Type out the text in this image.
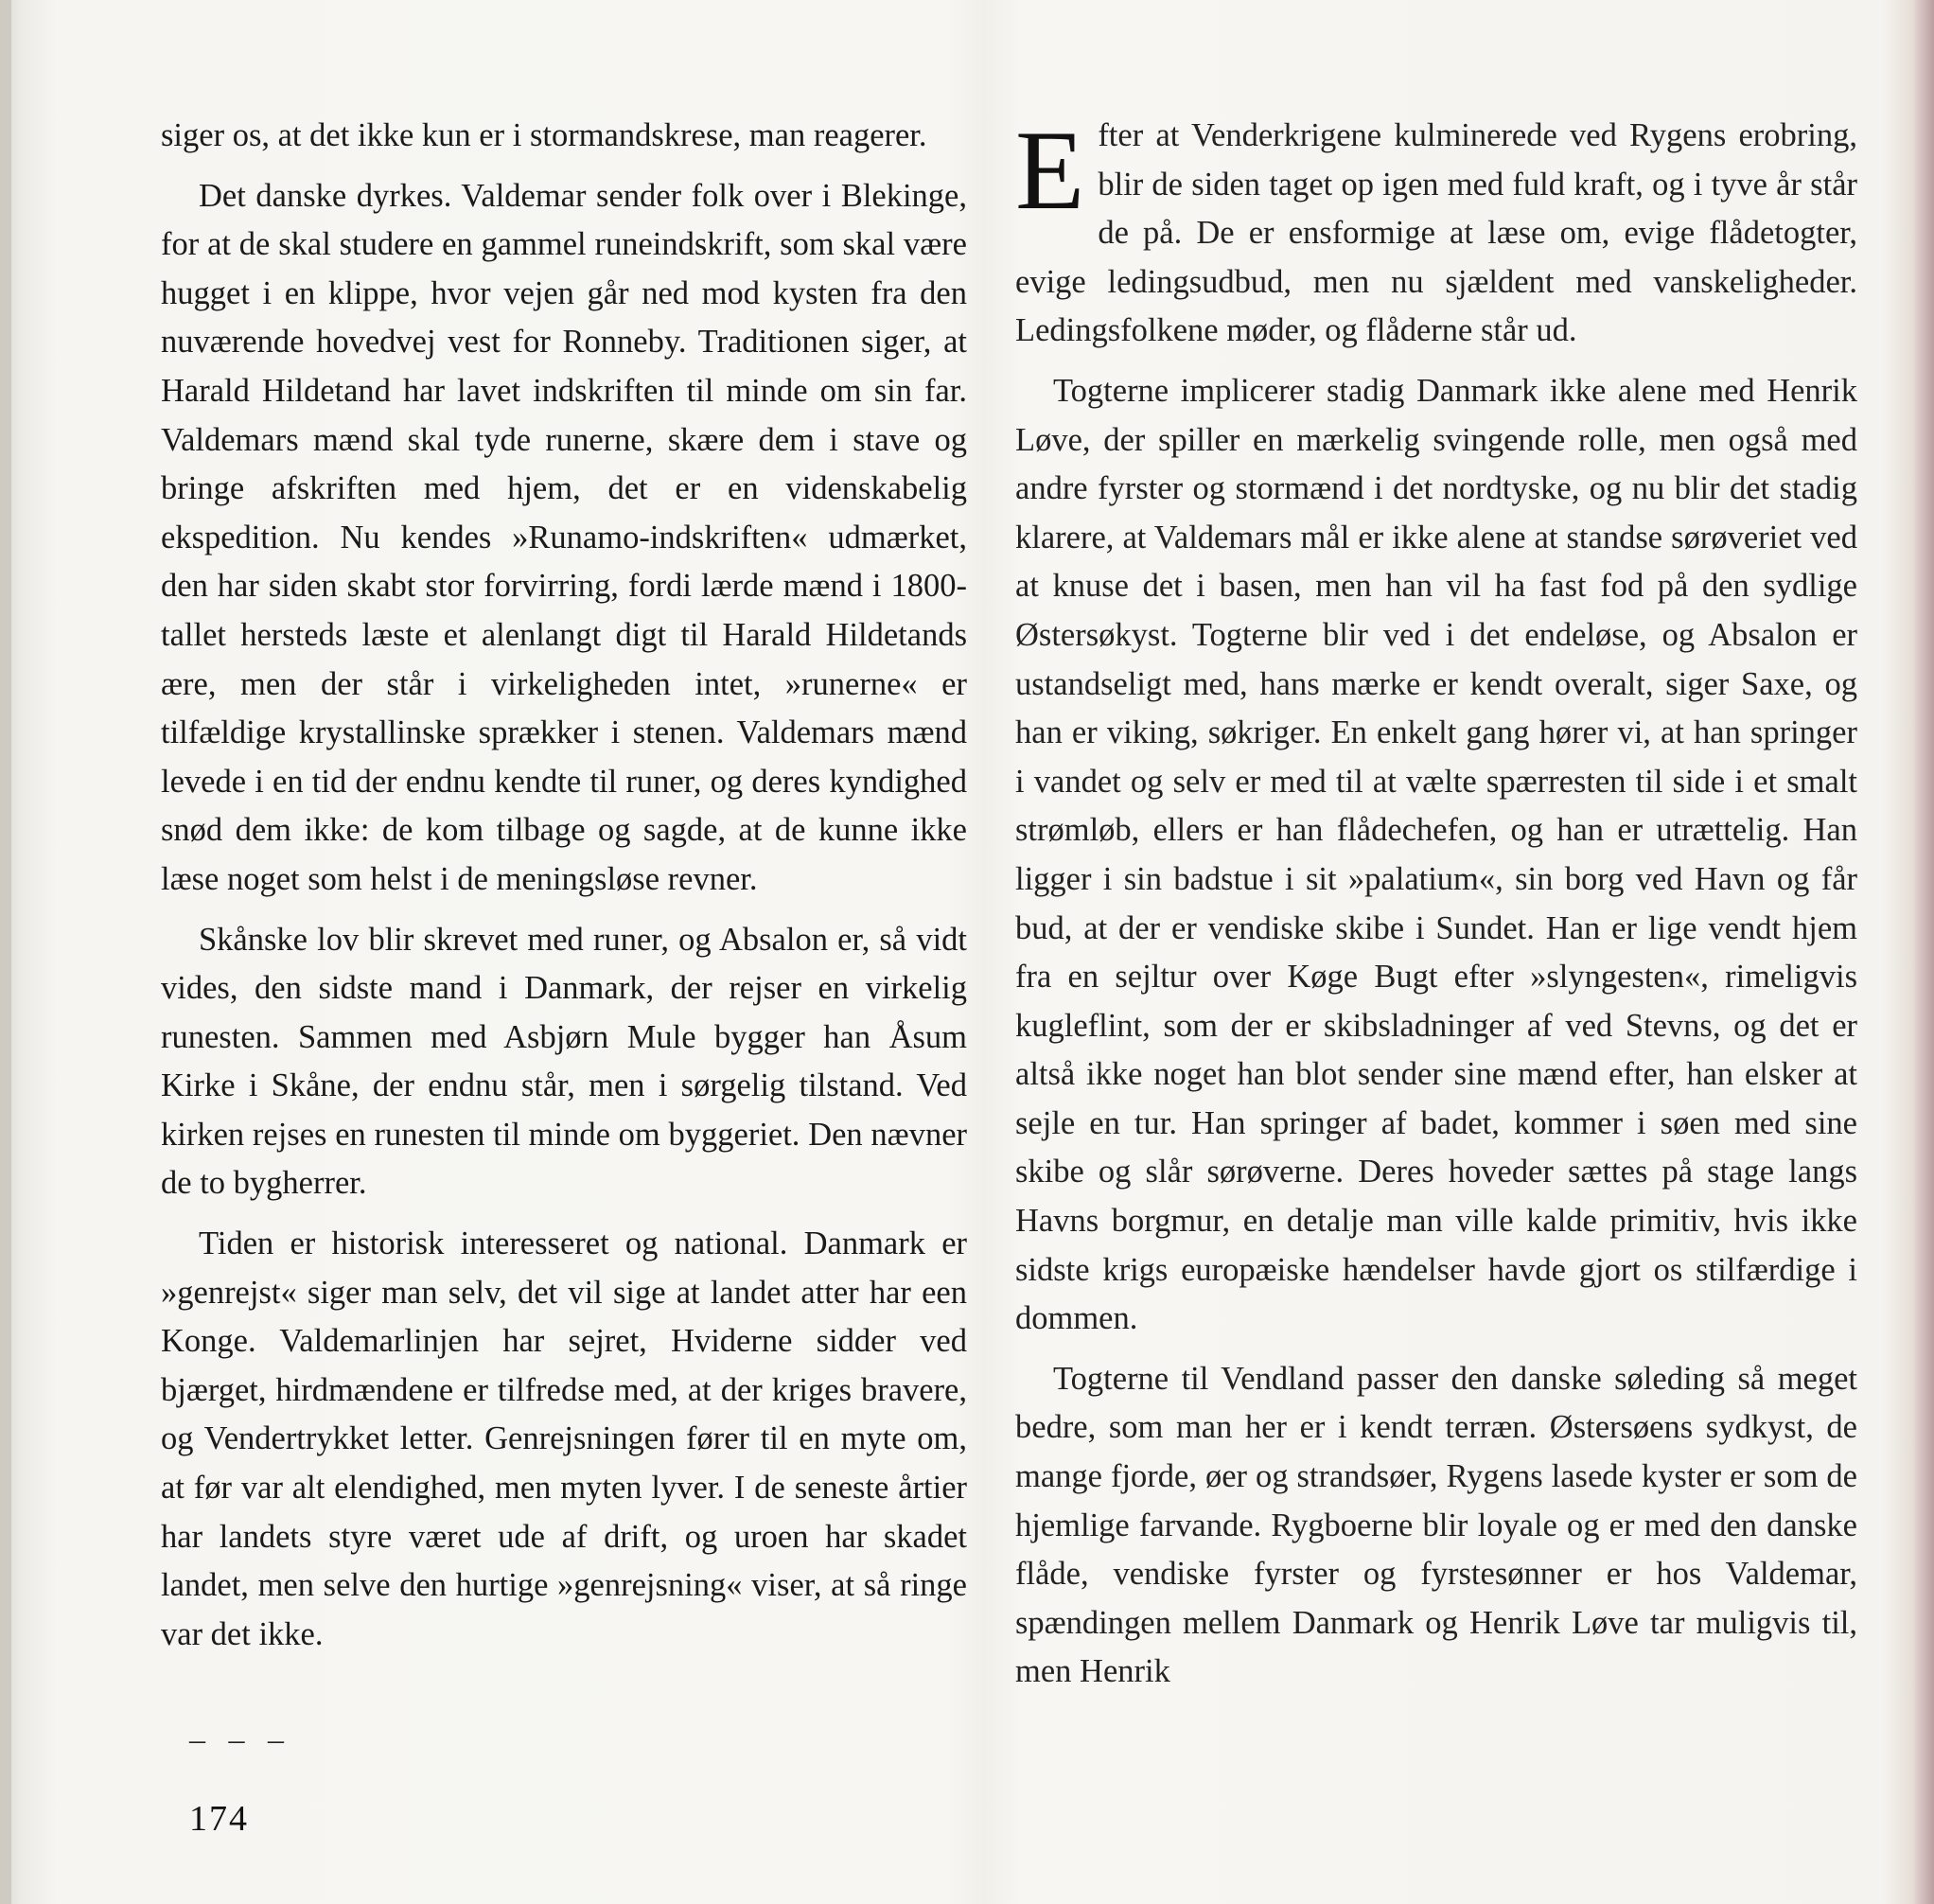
siger os, at det ikke kun er i stormandskrese, man reagerer.

Det danske dyrkes. Valdemar sender folk over i Blekinge, for at de skal studere en gammel runeindskrift, som skal være hugget i en klippe, hvor vejen går ned mod kysten fra den nuværende hovedvej vest for Ronneby. Traditionen siger, at Harald Hildetand har lavet indskriften til minde om sin far. Valdemars mænd skal tyde runerne, skære dem i stave og bringe afskriften med hjem, det er en videnskabelig ekspedition. Nu kendes »Runamo-indskriften« udmærket, den har siden skabt stor forvirring, fordi lærde mænd i 1800-tallet hersteds læste et alenlangt digt til Harald Hildetands ære, men der står i virkeligheden intet, »runerne« er tilfældige krystallinske sprækker i stenen. Valdemars mænd levede i en tid der endnu kendte til runer, og deres kyndighed snød dem ikke: de kom tilbage og sagde, at de kunne ikke læse noget som helst i de meningsløse revner.

Skånske lov blir skrevet med runer, og Absalon er, så vidt vides, den sidste mand i Danmark, der rejser en virkelig runesten. Sammen med Asbjørn Mule bygger han Åsum Kirke i Skåne, der endnu står, men i sørgelig tilstand. Ved kirken rejses en runesten til minde om byggeriet. Den nævner de to bygherrer.

Tiden er historisk interesseret og national. Danmark er »genrejst« siger man selv, det vil sige at landet atter har een Konge. Valdemarlinjen har sejret, Hviderne sidder ved bjærget, hirdmændene er tilfredse med, at der kriges bravere, og Vendertrykket letter. Genrejsningen fører til en myte om, at før var alt elendighed, men myten lyver. I de seneste årtier har landets styre været ude af drift, og uroen har skadet landet, men selve den hurtige »genrejsning« viser, at så ringe var det ikke.

– – –
174

Efter at Venderkrigene kulminerede ved Rygens erobring, blir de siden taget op igen med fuld kraft, og i tyve år står de på. De er ensformige at læse om, evige flådetogter, evige ledingsudbud, men nu sjældent med vanskeligheder. Ledingsfolkene møder, og flåderne står ud.

Togterne implicerer stadig Danmark ikke alene med Henrik Løve, der spiller en mærkelig svingende rolle, men også med andre fyrster og stormænd i det nordtyske, og nu blir det stadig klarere, at Valdemars mål er ikke alene at standse sørøveriet ved at knuse det i basen, men han vil ha fast fod på den sydlige Østersøkyst. Togterne blir ved i det endeløse, og Absalon er ustandseligt med, hans mærke er kendt overalt, siger Saxe, og han er viking, søkriger. En enkelt gang hører vi, at han springer i vandet og selv er med til at vælte spærresten til side i et smalt strømløb, ellers er han flådechefen, og han er utrættelig. Han ligger i sin badstue i sit »palatium«, sin borg ved Havn og får bud, at der er vendiske skibe i Sundet. Han er lige vendt hjem fra en sejltur over Køge Bugt efter »slyngesten«, rimeligvis kugleflint, som der er skibsladninger af ved Stevns, og det er altså ikke noget han blot sender sine mænd efter, han elsker at sejle en tur. Han springer af badet, kommer i søen med sine skibe og slår sørøverne. Deres hoveder sættes på stage langs Havns borgmur, en detalje man ville kalde primitiv, hvis ikke sidste krigs europæiske hændelser havde gjort os stilfærdige i dommen.

Togterne til Vendland passer den danske søleding så meget bedre, som man her er i kendt terræn. Østersøens sydkyst, de mange fjorde, øer og strandsøer, Rygens lasede kyster er som de hjemlige farvande. Rygboerne blir loyale og er med den danske flåde, vendiske fyrster og fyrstesønner er hos Valdemar, spændingen mellem Danmark og Henrik Løve tar muligvis til, men Henrik
